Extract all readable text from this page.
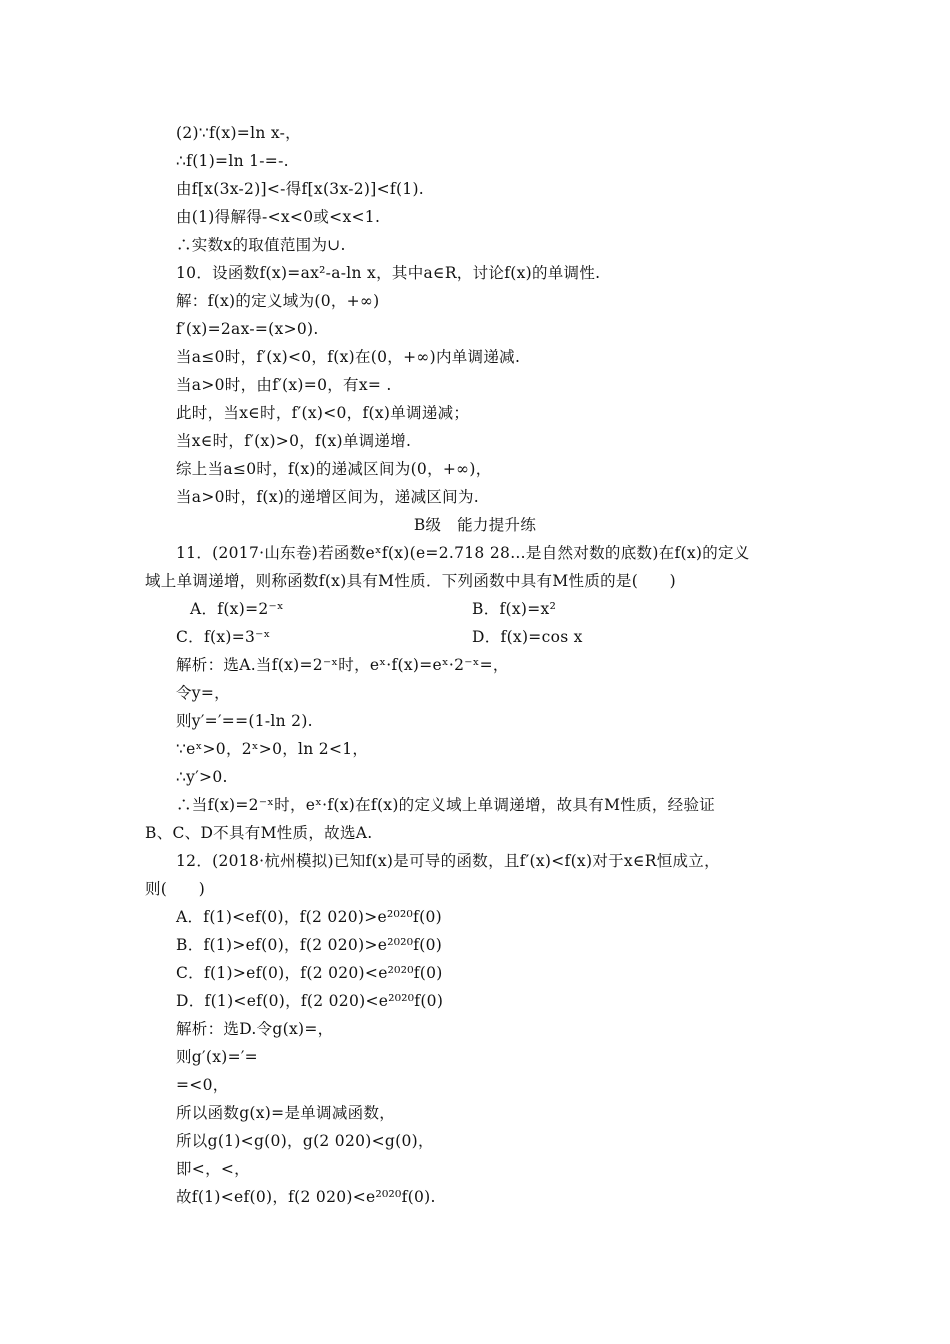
(2)∵f(x)=ln x-，
∴f(1)=ln 1-=-.
由f[x(3x-2)]<-得f[x(3x-2)]<f(1).
由(1)得解得-<x<0或<x<1.
∴实数x的取值范围为∪.
10．设函数f(x)=ax²-a-ln x，其中a∈R，讨论f(x)的单调性.
解：f(x)的定义域为(0，+∞)
f′(x)=2ax-=(x>0).
当a≤0时，f′(x)<0，f(x)在(0，+∞)内单调递减.
当a>0时，由f′(x)=0，有x= .
此时，当x∈时，f′(x)<0，f(x)单调递减；
当x∈时，f′(x)>0，f(x)单调递增.
综上当a≤0时，f(x)的递减区间为(0，+∞)，
当a>0时，f(x)的递增区间为，递减区间为.
B级　能力提升练
11．(2017·山东卷)若函数eˣf(x)(e=2.718 28…是自然对数的底数)在f(x)的定义
域上单调递增，则称函数f(x)具有M性质．下列函数中具有M性质的是(　　)
A．f(x)=2⁻ˣ	B．f(x)=x²
C．f(x)=3⁻ˣ	D．f(x)=cos x
解析：选A.当f(x)=2⁻ˣ时，eˣ·f(x)=eˣ·2⁻ˣ=，
令y=，
则y′=′==(1-ln 2).
∵eˣ>0，2ˣ>0，ln 2<1，
∴y′>0.
∴当f(x)=2⁻ˣ时，eˣ·f(x)在f(x)的定义域上单调递增，故具有M性质，经验证
B、C、D不具有M性质，故选A.
12．(2018·杭州模拟)已知f(x)是可导的函数，且f′(x)<f(x)对于x∈R恒成立，
则(　　)
A．f(1)<ef(0)，f(2 020)>e²⁰²⁰f(0)
B．f(1)>ef(0)，f(2 020)>e²⁰²⁰f(0)
C．f(1)>ef(0)，f(2 020)<e²⁰²⁰f(0)
D．f(1)<ef(0)，f(2 020)<e²⁰²⁰f(0)
解析：选D.令g(x)=，
则g′(x)=′=
=<0，
所以函数g(x)=是单调减函数，
所以g(1)<g(0)，g(2 020)<g(0)，
即<，<，
故f(1)<ef(0)，f(2 020)<e²⁰²⁰f(0).
